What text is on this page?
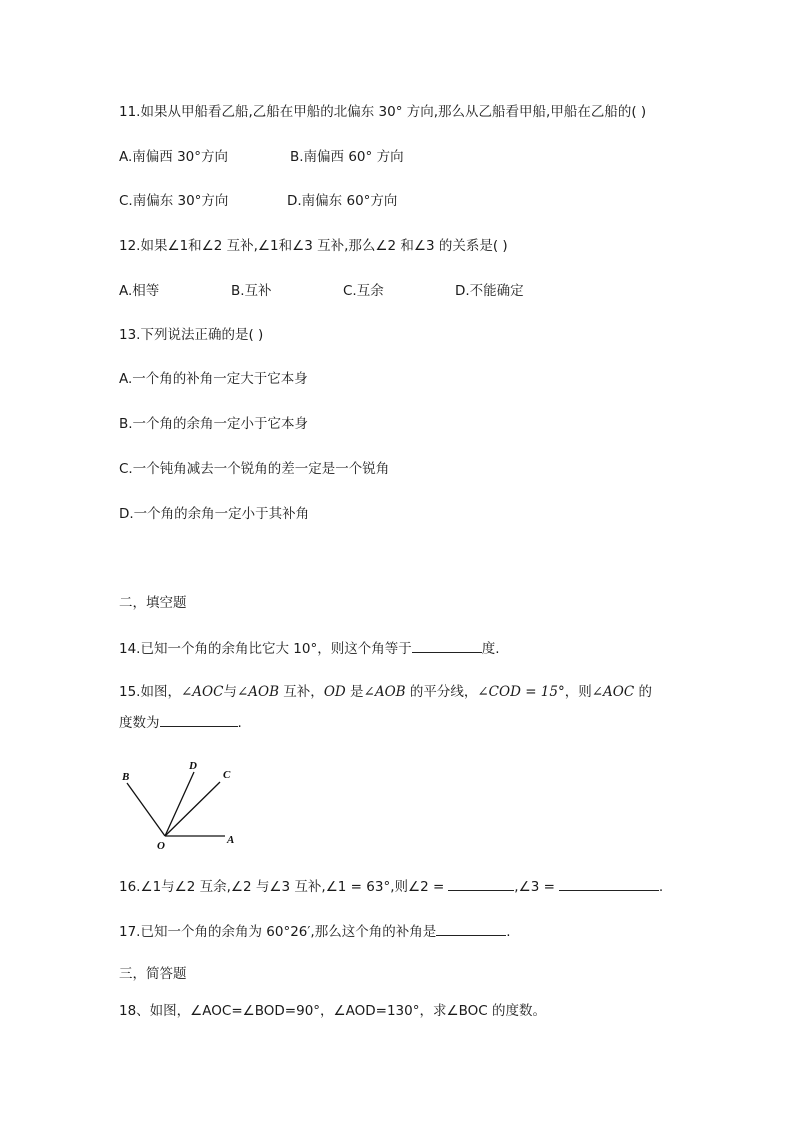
11.如果从甲船看乙船,乙船在甲船的北偏东 30° 方向,那么从乙船看甲船,甲船在乙船的( )
A.南偏西 30°方向	B.南偏西 60° 方向
C.南偏东 30°方向	D.南偏东 60°方向
12.如果∠1和∠2 互补,∠1和∠3 互补,那么∠2 和∠3 的关系是( )
A.相等	B.互补	C.互余	D.不能确定
13.下列说法正确的是( )
A.一个角的补角一定大于它本身
B.一个角的余角一定小于它本身
C.一个钝角减去一个锐角的差一定是一个锐角
D.一个角的余角一定小于其补角
二，填空题
14.已知一个角的余角比它大 10°，则这个角等于	度.
15.如图，∠AOC与∠AOB 互补，OD 是∠AOB 的平分线，∠COD = 15°，则∠AOC 的
度数为	.
B
D
C
O	A
16.∠1与∠2 互余,∠2 与∠3 互补,∠1 = 63°,则∠2 =	,∠3 =	.
17.已知一个角的余角为 60°26′,那么这个角的补角是	.
三，简答题
18、如图，∠AOC=∠BOD=90°，∠AOD=130°，求∠BOC 的度数。
